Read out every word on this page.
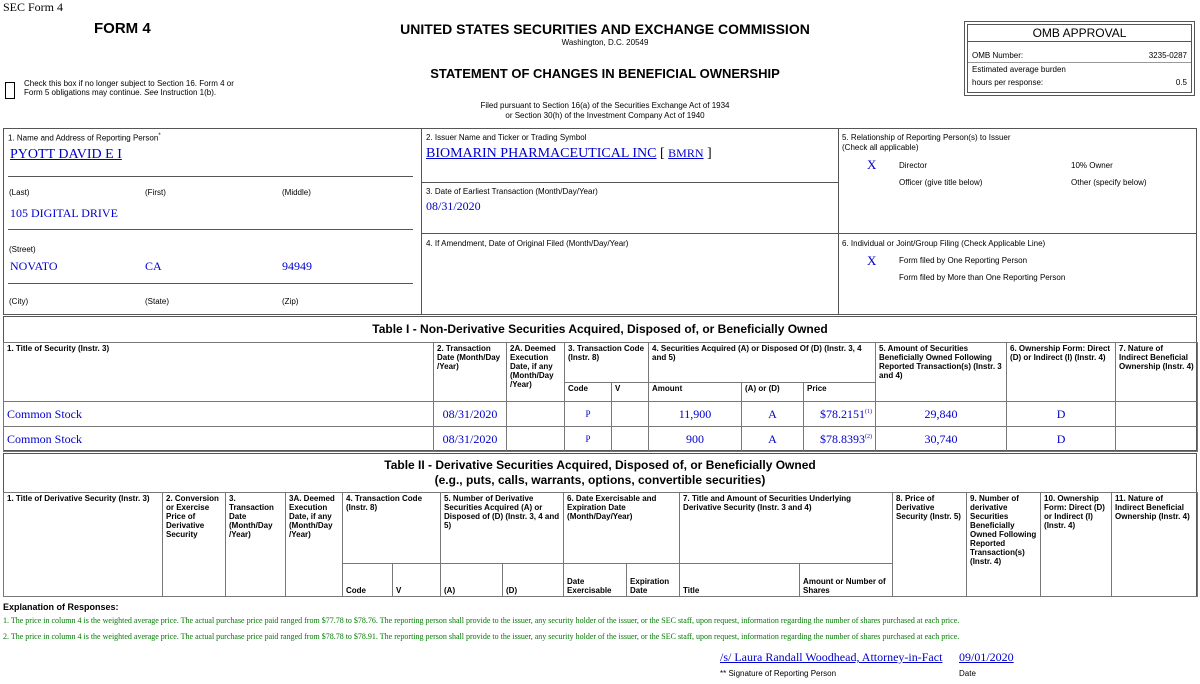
SEC Form 4
FORM 4
Check this box if no longer subject to Section 16. Form 4 or Form 5 obligations may continue. See Instruction 1(b).
UNITED STATES SECURITIES AND EXCHANGE COMMISSION
Washington, D.C. 20549
STATEMENT OF CHANGES IN BENEFICIAL OWNERSHIP
Filed pursuant to Section 16(a) of the Securities Exchange Act of 1934
or Section 30(h) of the Investment Company Act of 1940
OMB APPROVAL
OMB Number:	3235-0287
Estimated average burden
hours per response:	0.5
1. Name and Address of Reporting Person*
PYOTT DAVID E I
(Last)	(First)	(Middle)
105 DIGITAL DRIVE
(Street)
NOVATO	CA	94949
(City)	(State)	(Zip)
2. Issuer Name and Ticker or Trading Symbol
BIOMARIN PHARMACEUTICAL INC [ BMRN ]
3. Date of Earliest Transaction (Month/Day/Year)
08/31/2020
4. If Amendment, Date of Original Filed (Month/Day/Year)
5. Relationship of Reporting Person(s) to Issuer
(Check all applicable)
X	Director	10% Owner
Officer (give title below)	Other (specify below)
6. Individual or Joint/Group Filing (Check Applicable Line)
X	Form filed by One Reporting Person
Form filed by More than One Reporting Person
Table I - Non-Derivative Securities Acquired, Disposed of, or Beneficially Owned
1. Title of Security (Instr. 3)	2. Transaction Date (Month/Day /Year)	2A. Deemed Execution Date, if any (Month/Day /Year)	3. Transaction Code (Instr. 8)		4. Securities Acquired (A) or Disposed Of (D) (Instr. 3, 4 and 5)			5. Amount of Securities Beneficially Owned Following Reported Transaction(s) (Instr. 3 and 4)	6. Ownership Form: Direct (D) or Indirect (I) (Instr. 4)	7. Nature of Indirect Beneficial Ownership (Instr. 4)
			Code	V	Amount	(A) or (D)	Price			
Common Stock	08/31/2020		P		11,900	A	$78.2151$^{(1)}$	29,840	D	
Common Stock	08/31/2020		P		900	A	$78.8393$^{(2)}$	30,740	D	
Table II - Derivative Securities Acquired, Disposed of, or Beneficially Owned
(e.g., puts, calls, warrants, options, convertible securities)
1. Title of Derivative Security (Instr. 3)	2. Conversion or Exercise Price of Derivative Security	3. Transaction Date (Month/Day /Year)	3A. Deemed Execution Date, if any (Month/Day /Year)	4. Transaction Code (Instr. 8)		5. Number of Derivative Securities Acquired (A) or Disposed of (D) (Instr. 3, 4 and 5)		6. Date Exercisable and Expiration Date (Month/Day/Year)		7. Title and Amount of Securities Underlying Derivative Security (Instr. 3 and 4)		8. Price of Derivative Security (Instr. 5)	9. Number of derivative Securities Beneficially Owned Following Reported Transaction(s) (Instr. 4)	10. Ownership Form: Direct (D) or Indirect (I) (Instr. 4)	11. Nature of Indirect Beneficial Ownership (Instr. 4)
				Code	V	(A)	(D)	Date Exercisable	Expiration Date	Title	Amount or Number of Shares				
Explanation of Responses:
1. The price in column 4 is the weighted average price. The actual purchase price paid ranged from $77.78 to $78.76. The reporting person shall provide to the issuer, any security holder of the issuer, or the SEC staff, upon request, information regarding the number of shares purchased at each price.
2. The price in column 4 is the weighted average price. The actual purchase price paid ranged from $78.78 to $78.91. The reporting person shall provide to the issuer, any security holder of the issuer, or the SEC staff, upon request, information regarding the number of shares purchased at each price.
/s/ Laura Randall Woodhead, Attorney-in-Fact 09/01/2020
** Signature of Reporting Person	Date
